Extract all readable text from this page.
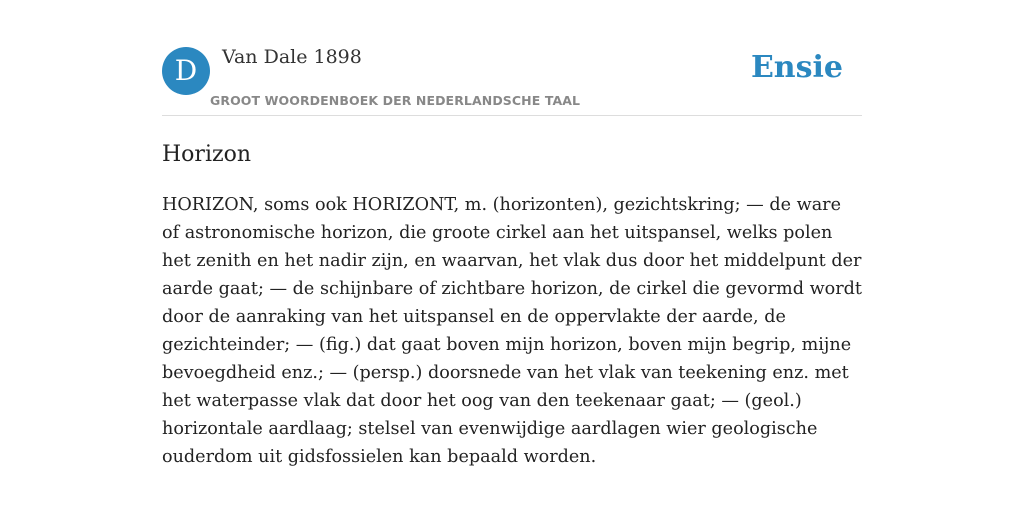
D	Van Dale 1898
GROOT WOORDENBOEK DER NEDERLANDSCHE TAAL
Ensie
Horizon

HORIZON, soms ook HORIZONT, m. (horizonten), gezichtskring; — de ware of astronomische horizon, die groote cirkel aan het uitspansel, welks polen het zenith en het nadir zijn, en waarvan, het vlak dus door het middelpunt der aarde gaat; — de schijnbare of zichtbare horizon, de cirkel die gevormd wordt door de aanraking van het uitspansel en de oppervlakte der aarde, de gezichteinder; — (fig.) dat gaat boven mijn horizon, boven mijn begrip, mijne bevoegdheid enz.; — (persp.) doorsnede van het vlak van teekening enz. met het waterpasse vlak dat door het oog van den teekenaar gaat; — (geol.) horizontale aardlaag; stelsel van evenwijdige aardlagen wier geologische ouderdom uit gidsfossielen kan bepaald worden.
